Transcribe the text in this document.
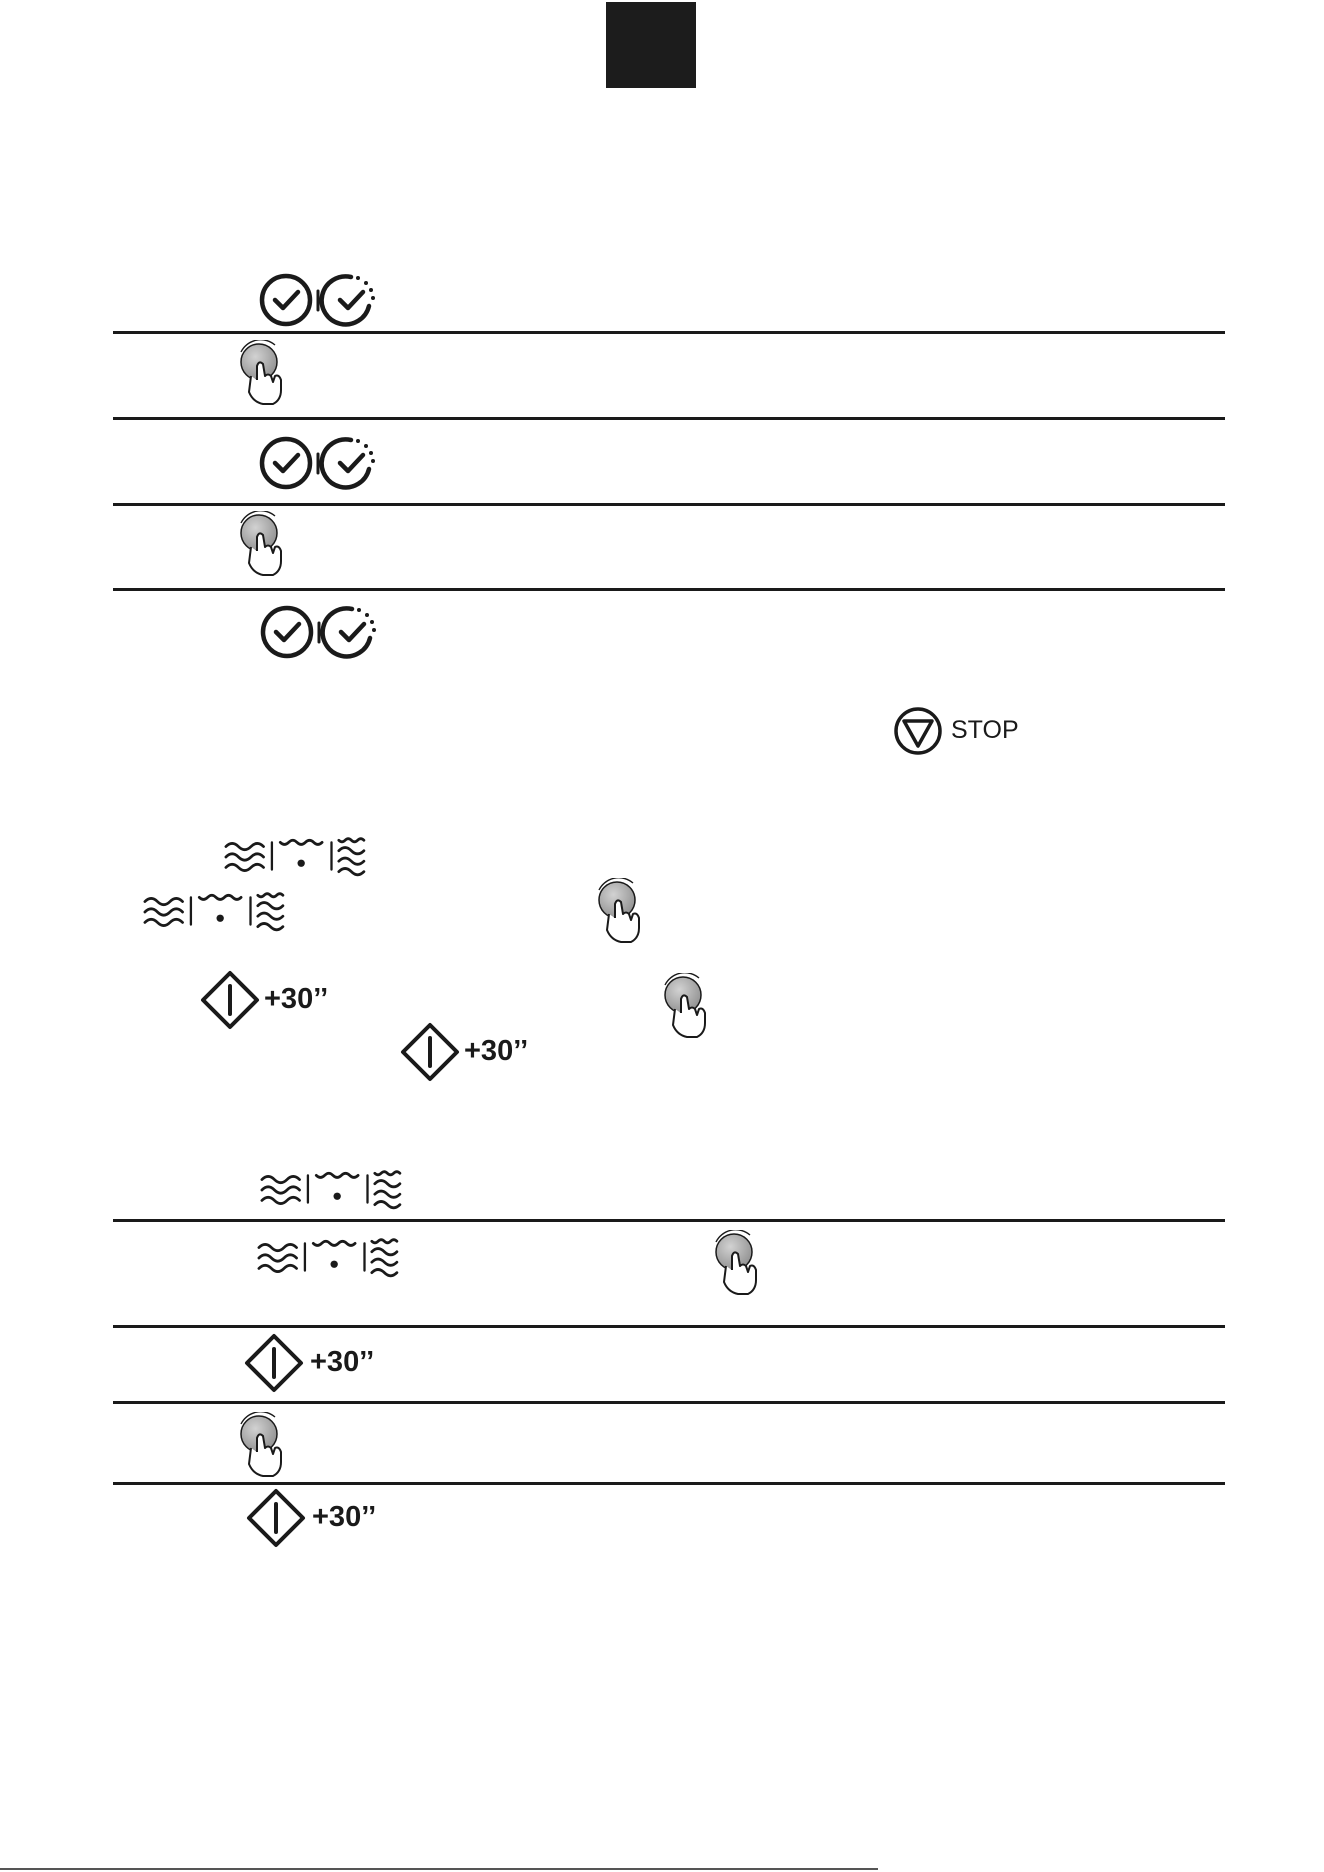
STOP
+30’’
+30’’
+30’’
+30’’
